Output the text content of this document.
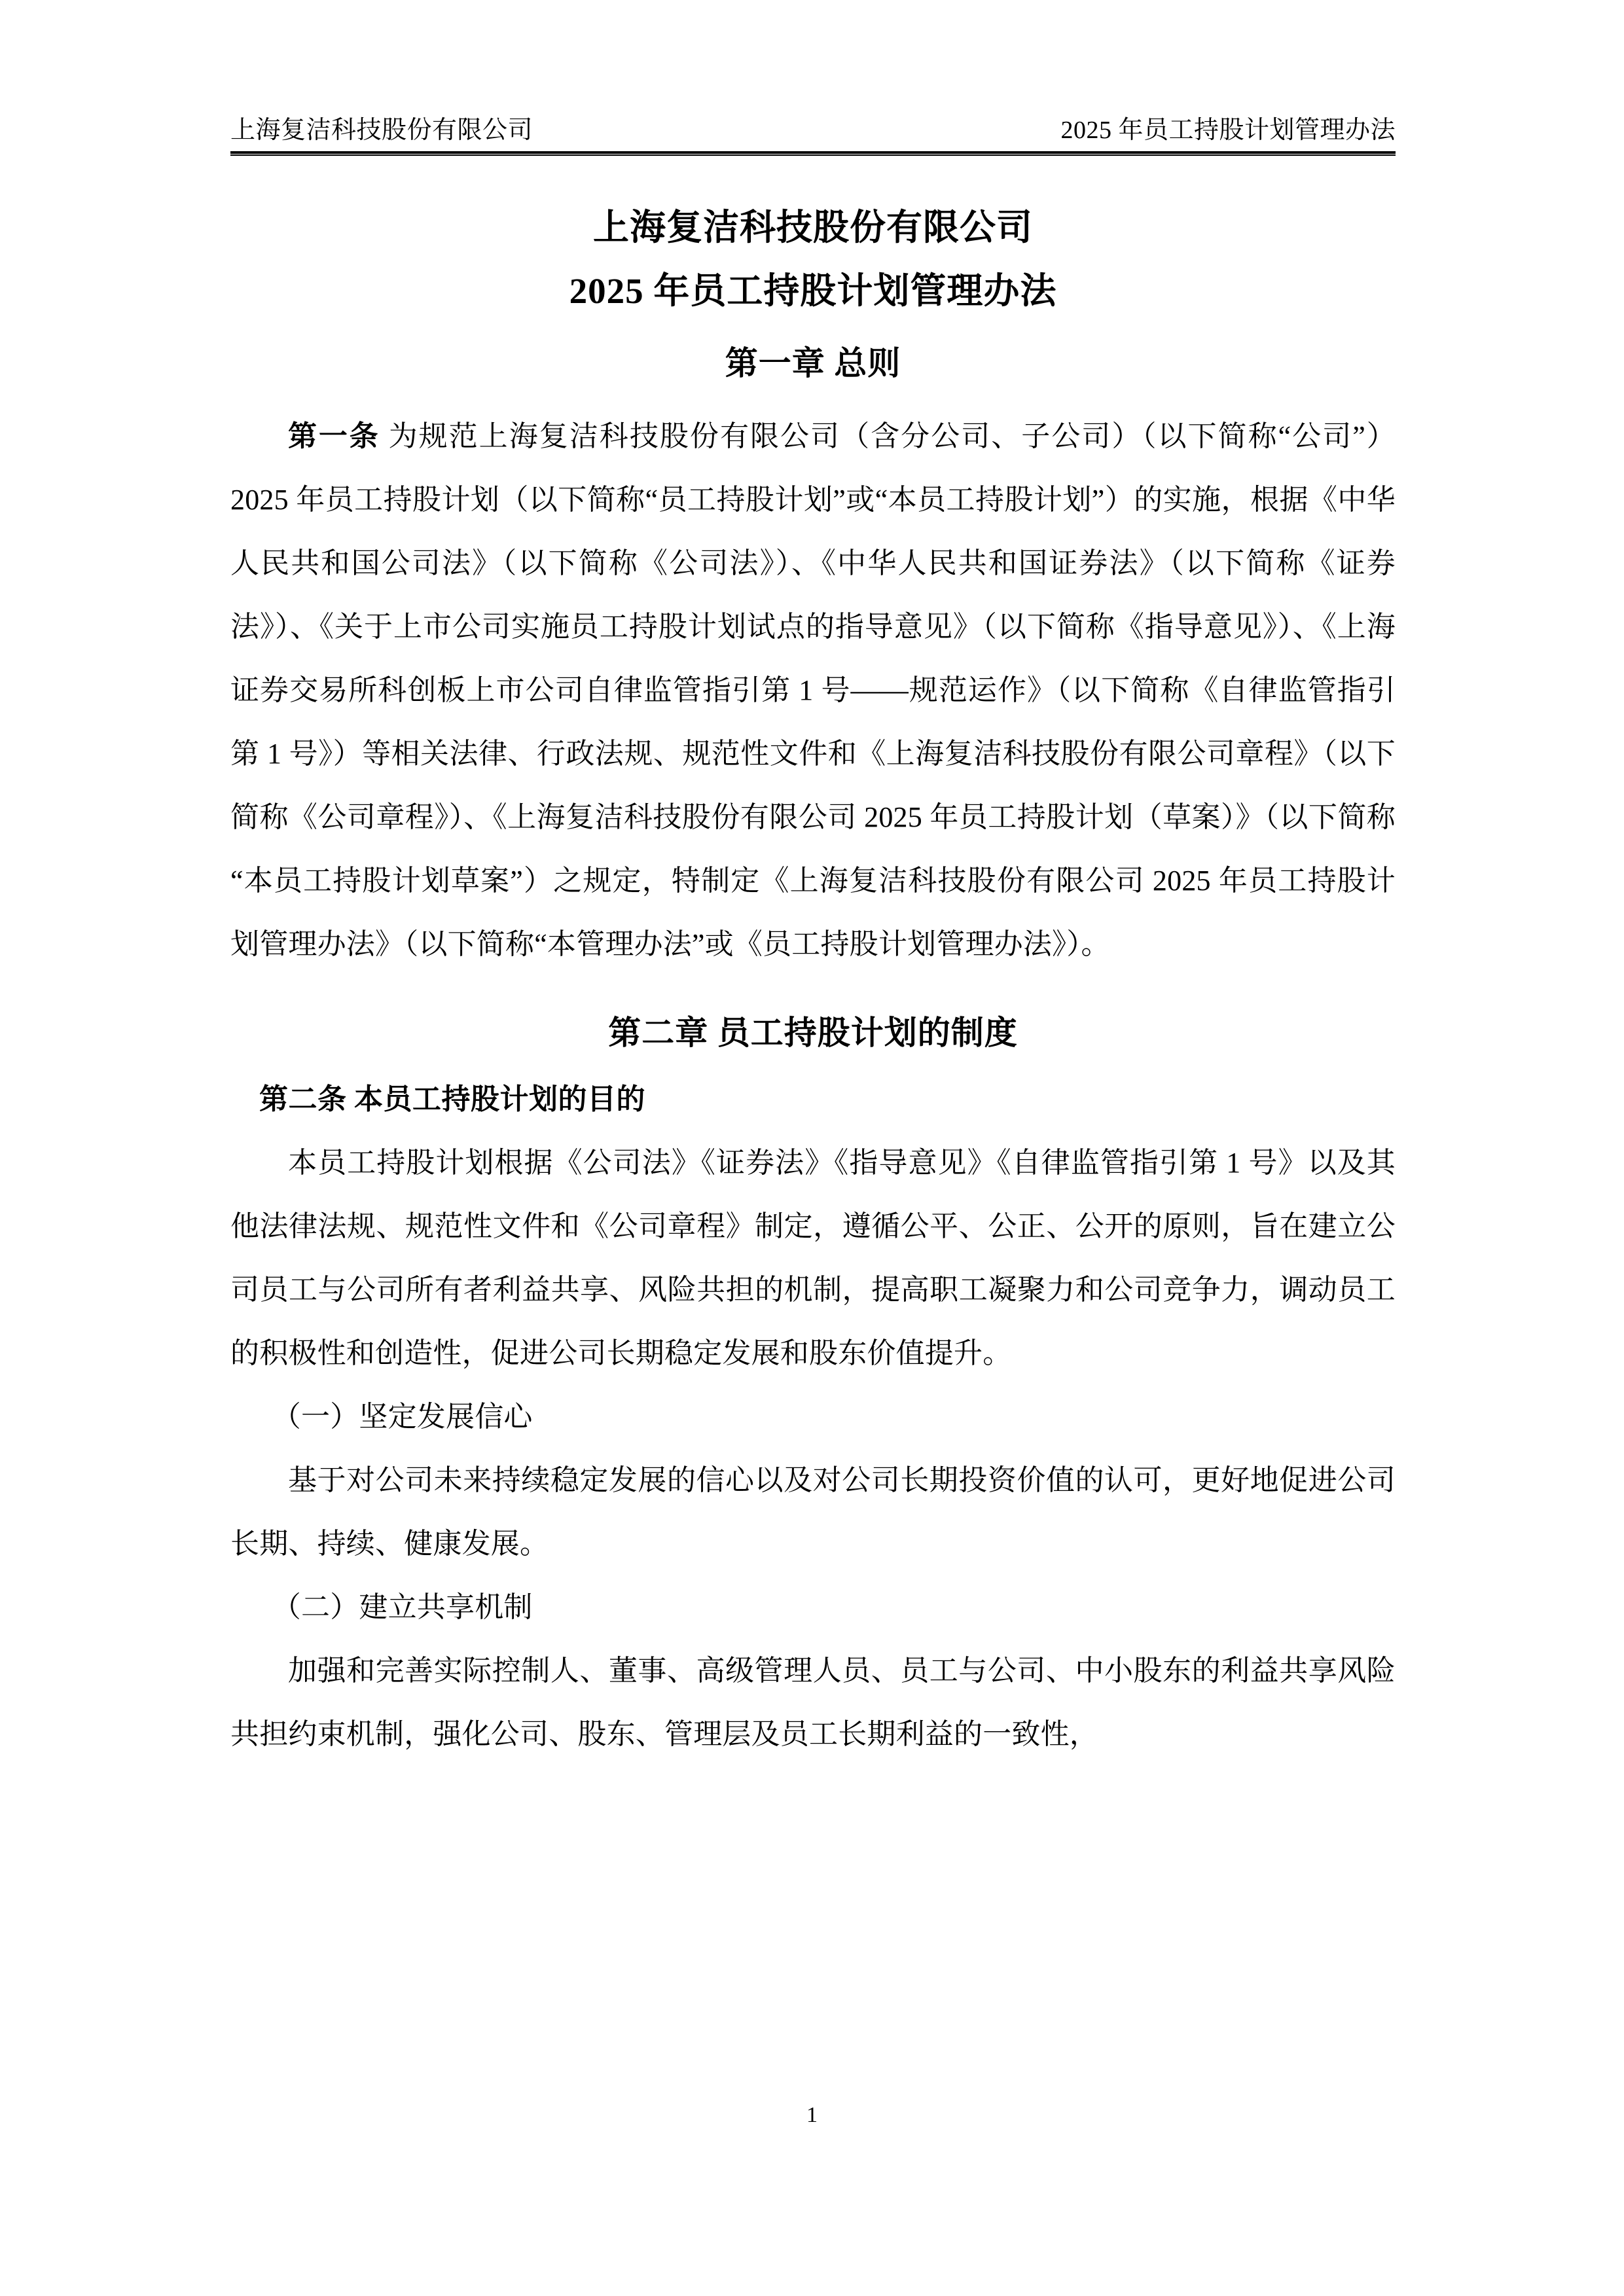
上海复洁科技股份有限公司	2025 年员工持股计划管理办法
上海复洁科技股份有限公司
2025 年员工持股计划管理办法
第一章 总则

第一条 为规范上海复洁科技股份有限公司（含分公司、子公司）（以下简称“公司”）2025 年员工持股计划（以下简称“员工持股计划”或“本员工持股计划”）的实施，根据《中华人民共和国公司法》（以下简称《公司法》）、《中华人民共和国证券法》（以下简称《证券法》）、《关于上市公司实施员工持股计划试点的指导意见》（以下简称《指导意见》）、《上海证券交易所科创板上市公司自律监管指引第 1 号——规范运作》（以下简称《自律监管指引第 1 号》）等相关法律、行政法规、规范性文件和《上海复洁科技股份有限公司章程》（以下简称《公司章程》）、《上海复洁科技股份有限公司 2025 年员工持股计划（草案）》（以下简称“本员工持股计划草案”）之规定，特制定《上海复洁科技股份有限公司 2025 年员工持股计划管理办法》（以下简称“本管理办法”或《员工持股计划管理办法》）。

第二章 员工持股计划的制度

第二条 本员工持股计划的目的

本员工持股计划根据《公司法》《证券法》《指导意见》《自律监管指引第 1 号》以及其他法律法规、规范性文件和《公司章程》制定，遵循公平、公正、公开的原则，旨在建立公司员工与公司所有者利益共享、风险共担的机制，提高职工凝聚力和公司竞争力，调动员工的积极性和创造性，促进公司长期稳定发展和股东价值提升。

（一）坚定发展信心

基于对公司未来持续稳定发展的信心以及对公司长期投资价值的认可，更好地促进公司长期、持续、健康发展。

（二）建立共享机制

加强和完善实际控制人、董事、高级管理人员、员工与公司、中小股东的利益共享风险共担约束机制，强化公司、股东、管理层及员工长期利益的一致性，

1
